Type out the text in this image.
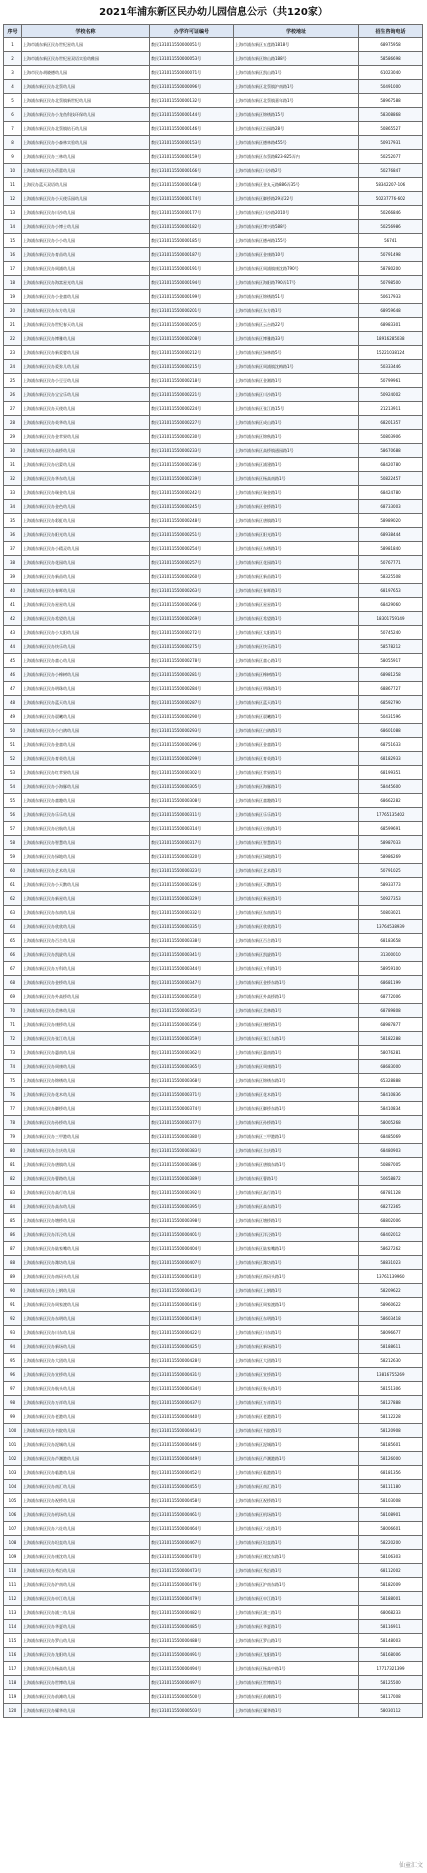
2021年浦东新区民办幼儿园信息公示（共120家）
序号	学校名称	办学许可证编号	学校地址	招生咨询电话
1	上海市浦东新区民办世纪星幼儿园	教民131011550000051号	上海市浦东新区五莲路1818号	68975958
2	上海市浦东新区民办世纪星双语实验幼稚园	教民131011550000053号	上海市浦东新区锦山路188号	58586698
3	上海市民办胡晓德幼儿园	教民131011550000071号	上海市浦东新区凯山路1号	61023040
4	上海浦东新区民办北蔡幼儿园	教民131011550000096号	上海市浦东新区北蔡镇沪南路1号	50491000
5	上海浦东新区民办北蔡镇新世纪幼儿园	教民131011550000132号	上海市浦东新区北蔡镇嘉年路1号	58967588
6	上海浦东新区民办小龙鱼科技环保幼儿园	教民131011550000144号	上海市浦东新区锦绣路15号	58308868
7	上海浦东新区民办北蔡镇钻石幼儿园	教民131011550000146号	上海市浦东新区沿园路28号	50865527
8	上海浦东新区民办小森林实验幼儿园	教民131011550000153号	上海市浦东新区德林路455号	50917931
9	上海浦东新区民办三林幼儿园	教民131011550000159号	上海市浦东新区东蔡路823-825弄内	50252077
10	上海浦东新区民办蓓蕾幼儿园	教民131011550000166号	上海市浦东新区川沙路2号	50276847
11	上海民办蓝天双语幼儿园	教民131011550000168号	上海市浦东新区金丸元路886弄35号	58342207-106
12	上海浦东新区民办小天使乐园幼儿园	教民131011550000174号	上海市浦东新区御桥路29弄22号	50237776-602
13	上海浦东新区民办川沙幼儿园	教民131011550000177号	上海市浦东新区川沙路2010号	50266846
14	上海浦东新区民办小博士幼儿园	教民131011550000182号	上海市浦东新区博兴路588号	50256986
15	上海浦东新区民办小小幼儿园	教民131011550000185号	上海市浦东新区德州路155号	56741
16	上海浦东新区民办育苗幼儿园	教民131011550000187号	上海市浦东新区金康路10号	50791498
17	上海浦东新区民办周浦幼儿园	教民131011550000191号	上海市浦东新区周浦镇康沈路790号	58780200
18	上海浦东新区民办海富星光幼儿园	教民131011550000194号	上海市浦东新区海阳路790弄17号	50798500
19	上海浦东新区民办小金童幼儿园	教民131011550000199号	上海市浦东新区锦绣路51号	50617933
20	上海浦东新区民办东方幼儿园	教民131011550000201号	上海市浦东新区东方路1号	68959648
21	上海浦东新区民办世纪春天幼儿园	教民131011550000205号	上海市浦东新区云台路22号	68983301
22	上海浦东新区民办博雅幼儿园	教民131011550000208号	上海市浦东新区博雅路33号	18916285038
23	上海浦东新区民办新爱婴幼儿园	教民131011550000212号	上海市浦东新区绿林路5号	15221038124
24	上海浦东新区民办爱弥儿幼儿园	教民131011550000215号	上海市浦东新区周浦镇沈梅路1号	50333446
25	上海浦东新区民办小豆豆幼儿园	教民131011550000218号	上海市浦东新区金湘路1号	50799961
26	上海浦东新区民办宝宝乐幼儿园	教民131011550000221号	上海市浦东新区川沙路1号	50924002
27	上海浦东新区民办天使幼儿园	教民131011550000224号	上海市浦东新区张江路15号	21213911
28	上海浦东新区民办英华幼儿园	教民131011550000227号	上海市浦东新区成山路1号	68201357
29	上海浦东新区民办金苹果幼儿园	教民131011550000230号	上海市浦东新区锦秋路1号	50803906
30	上海浦东新区民办高桥幼儿园	教民131011550000233号	上海市浦东新区高桥镇通园路1号	58670688
31	上海浦东新区民办启蒙幼儿园	教民131011550000236号	上海市浦东新区浦建路1号	68420780
32	上海浦东新区民办华东幼儿园	教民131011550000239号	上海市浦东新区杨高南路1号	50822457
33	上海浦东新区民办瑞金幼儿园	教民131011550000242号	上海市浦东新区瑞金路1号	68424780
34	上海浦东新区民办金色幼儿园	教民131011550000245号	上海市浦东新区金桥路1号	68733003
35	上海浦东新区民办彩虹幼儿园	教民131011550000248号	上海市浦东新区唐镇路1号	58989020
36	上海浦东新区民办阳光幼儿园	教民131011550000251号	上海市浦东新区阳光路1号	68938444
37	上海浦东新区民办小精灵幼儿园	教民131011550000254号	上海市浦东新区东绣路1号	58981840
38	上海浦东新区民办花园幼儿园	教民131011550000257号	上海市浦东新区花园路1号	50767771
39	上海浦东新区民办新苗幼儿园	教民131011550000260号	上海市浦东新区新苗路1号	58325508
40	上海浦东新区民办春晖幼儿园	教民131011550000263号	上海市浦东新区春晖路1号	68197653
41	上海浦东新区民办星星幼儿园	教民131011550000266号	上海市浦东新区星星路1号	68429060
42	上海浦东新区民办希望幼儿园	教民131011550000269号	上海市浦东新区希望路1号	18301759149
43	上海浦东新区民办小太阳幼儿园	教民131011550000272号	上海市浦东新区太阳路1号	50745240
44	上海浦东新区民办快乐幼儿园	教民131011550000275号	上海市浦东新区快乐路1号	58578212
45	上海浦东新区民办童心幼儿园	教民131011550000278号	上海市浦东新区童心路1号	58055917
46	上海浦东新区民办小橡树幼儿园	教民131011550000281号	上海市浦东新区橡树路1号	68981258
47	上海浦东新区民办明珠幼儿园	教民131011550000284号	上海市浦东新区明珠路1号	68867727
48	上海浦东新区民办蓝天幼儿园	教民131011550000287号	上海市浦东新区蓝天路1号	68592790
49	上海浦东新区民办晨曦幼儿园	教民131011550000290号	上海市浦东新区晨曦路1号	50431596
50	上海浦东新区民办小白鸽幼儿园	教民131011550000293号	上海市浦东新区白鸽路1号	68601088
51	上海浦东新区民办金童幼儿园	教民131011550000296号	上海市浦东新区金童路1号	68751633
52	上海浦东新区民办育英幼儿园	教民131011550000299号	上海市浦东新区育英路1号	68182933
53	上海浦东新区民办红苹果幼儿园	教民131011550000302号	上海市浦东新区苹果路1号	68199351
54	上海浦东新区民办小海豚幼儿园	教民131011550000305号	上海市浦东新区海豚路1号	58445600
55	上海浦东新区民办童趣幼儿园	教民131011550000308号	上海市浦东新区童趣路1号	68662282
56	上海浦东新区民办乐乐幼儿园	教民131011550000311号	上海市浦东新区乐乐路1号	17765135402
57	上海浦东新区民办启航幼儿园	教民131011550000314号	上海市浦东新区启航路1号	68599691
58	上海浦东新区民办智慧幼儿园	教民131011550000317号	上海市浦东新区智慧路1号	58987033
59	上海浦东新区民办绿地幼儿园	教民131011550000320号	上海市浦东新区绿地路1号	58986269
60	上海浦东新区民办艺术幼儿园	教民131011550000323号	上海市浦东新区艺术路1号	50791025
61	上海浦东新区民办小天鹅幼儿园	教民131011550000326号	上海市浦东新区天鹅路1号	58933773
62	上海浦东新区民办新星幼儿园	教民131011550000329号	上海市浦东新区新星路1号	50927353
63	上海浦东新区民办东南幼儿园	教民131011550000332号	上海市浦东新区东南路1号	50803021
64	上海浦东新区民办欣欣幼儿园	教民131011550000335号	上海市浦东新区欣欣路1号	13764538939
65	上海浦东新区民办百合幼儿园	教民131011550000338号	上海市浦东新区百合路1号	68183658
66	上海浦东新区民办凯旋幼儿园	教民131011550000341号	上海市浦东新区凯旋路1号	31300010
67	上海浦东新区民办万科幼儿园	教民131011550000344号	上海市浦东新区万科路1号	58959100
68	上海浦东新区民办金桥幼儿园	教民131011550000347号	上海市浦东新区金桥东路1号	68681199
69	上海浦东新区民办外高桥幼儿园	教民131011550000350号	上海市浦东新区外高桥路1号	68772006
70	上海浦东新区民办美林幼儿园	教民131011550000353号	上海市浦东新区美林路1号	68789808
71	上海浦东新区民办康桥幼儿园	教民131011550000356号	上海市浦东新区康桥路1号	68987877
72	上海浦东新区民办张江幼儿园	教民131011550000359号	上海市浦东新区张江东路1号	58182288
73	上海浦东新区民办惠南幼儿园	教民131011550000362号	上海市浦东新区惠南路1号	58076281
74	上海浦东新区民办周康幼儿园	教民131011550000365号	上海市浦东新区周康路1号	68683000
75	上海浦东新区民办锦绣幼儿园	教民131011550000368号	上海市浦东新区锦绣东路1号	65328888
76	上海浦东新区民办花木幼儿园	教民131011550000371号	上海市浦东新区花木路1号	58410836
77	上海浦东新区民办御桥幼儿园	教民131011550000374号	上海市浦东新区御桥东路1号	58410834
78	上海浦东新区民办孙桥幼儿园	教民131011550000377号	上海市浦东新区孙桥路1号	58005268
79	上海浦东新区民办三甲港幼儿园	教民131011550000380号	上海市浦东新区三甲港路1号	68485069
80	上海浦东新区民办合庆幼儿园	教民131011550000383号	上海市浦东新区合庆路1号	68480903
81	上海浦东新区民办唐镇幼儿园	教民131011550000386号	上海市浦东新区唐镇东路1号	50887005
82	上海浦东新区民办曹路幼儿园	教民131011550000389号	上海市浦东新区曹路1号	50658872
83	上海浦东新区民办高行幼儿园	教民131011550000392号	上海市浦东新区高行路1号	68781128
84	上海浦东新区民办高东幼儿园	教民131011550000395号	上海市浦东新区高东路1号	68272365
85	上海浦东新区民办塘桥幼儿园	教民131011550000398号	上海市浦东新区塘桥路1号	68802006
86	上海浦东新区民办洋泾幼儿园	教民131011550000401号	上海市浦东新区洋泾路1号	68402012
87	上海浦东新区民办陆家嘴幼儿园	教民131011550000404号	上海市浦东新区陆家嘴路1号	58627262
88	上海浦东新区民办潍坊幼儿园	教民131011550000407号	上海市浦东新区潍坊路1号	58831023
89	上海浦东新区民办南码头幼儿园	教民131011550000410号	上海市浦东新区南码头路1号	13761139960
90	上海浦东新区民办上钢幼儿园	教民131011550000413号	上海市浦东新区上钢路1号	58209622
91	上海浦东新区民办周家渡幼儿园	教民131011550000416号	上海市浦东新区周家渡路1号	58960622
92	上海浦东新区民办东明幼儿园	教民131011550000419号	上海市浦东新区东明路1号	58603418
93	上海浦东新区民办川东幼儿园	教民131011550000422号	上海市浦东新区川东路1号	58096677
94	上海浦东新区民办新场幼儿园	教民131011550000425号	上海市浦东新区新场路1号	58188611
95	上海浦东新区民办大团幼儿园	教民131011550000428号	上海市浦东新区大团路1号	58212630
96	上海浦东新区民办宣桥幼儿园	教民131011550000431号	上海市浦东新区宣桥路1号	13816755269
97	上海浦东新区民办航头幼儿园	教民131011550000434号	上海市浦东新区航头路1号	58151306
98	上海浦东新区民办万祥幼儿园	教民131011550000437号	上海市浦东新区万祥路1号	58127888
99	上海浦东新区民办老港幼儿园	教民131011550000440号	上海市浦东新区老港路1号	58112228
100	上海浦东新区民办书院幼儿园	教民131011550000443号	上海市浦东新区书院路1号	58120908
101	上海浦东新区民办泥城幼儿园	教民131011550000446号	上海市浦东新区泥城路1号	58185601
102	上海浦东新区民办芦潮港幼儿园	教民131011550000449号	上海市浦东新区芦潮港路1号	58126000
103	上海浦东新区民办临港幼儿园	教民131011550000452号	上海市浦东新区临港路1号	68181356
104	上海浦东新区民办南汇幼儿园	教民131011550000455号	上海市浦东新区南汇路1号	58111180
105	上海浦东新区民办祝桥幼儿园	教民131011550000458号	上海市浦东新区祝桥路1号	58103008
106	上海浦东新区民办机场幼儿园	教民131011550000461号	上海市浦东新区机场路1号	58108901
107	上海浦东新区民办六灶幼儿园	教民131011550000464号	上海市浦东新区六灶路1号	58006601
108	上海浦东新区民办坦直幼儿园	教民131011550000467号	上海市浦东新区坦直路1号	58220200
109	上海浦东新区民办康沈幼儿园	教民131011550000470号	上海市浦东新区康沈东路1号	58106303
110	上海浦东新区民办秀沿幼儿园	教民131011550000473号	上海市浦东新区秀沿路1号	68112002
111	上海浦东新区民办沪南幼儿园	教民131011550000476号	上海市浦东新区沪南东路1号	58182009
112	上海浦东新区民办申江幼儿园	教民131011550000479号	上海市浦东新区申江路1号	58188001
113	上海浦东新区民办浦三幼儿园	教民131011550000482号	上海市浦东新区浦三路1号	68068233
114	上海浦东新区民办华夏幼儿园	教民131011550000485号	上海市浦东新区华夏路1号	58116911
115	上海浦东新区民办罗山幼儿园	教民131011550000488号	上海市浦东新区罗山路1号	58148003
116	上海浦东新区民办龙阳幼儿园	教民131011550000491号	上海市浦东新区龙阳路1号	58168006
117	上海浦东新区民办杨高幼儿园	教民131011550000494号	上海市浦东新区杨高中路1号	17717321399
118	上海浦东新区民办世博幼儿园	教民131011550000497号	上海市浦东新区世博路1号	58125500
119	上海浦东新区民办前滩幼儿园	教民131011550000500号	上海市浦东新区前滩路1号	58117008
120	上海浦东新区民办耀华幼儿园	教民131011550000503号	上海市浦东新区耀华路1号	58030112
仙童汇文
